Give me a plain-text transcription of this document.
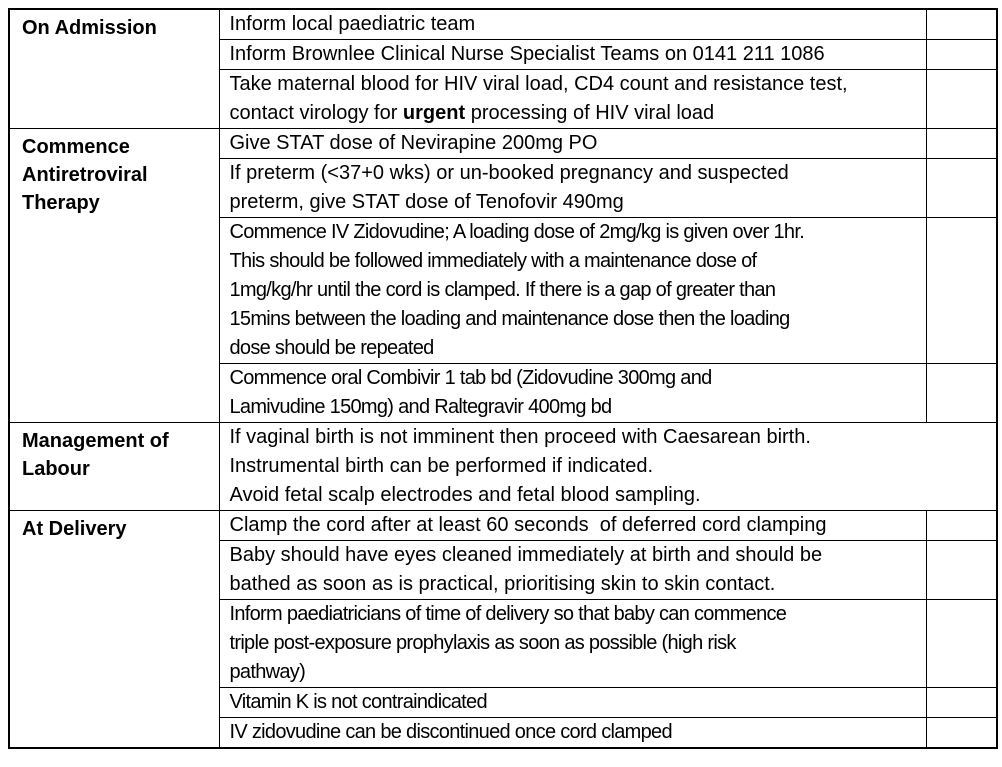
On Admission	Inform local paediatric team	

	Inform Brownlee Clinical Nurse Specialist Teams on 0141 211 1086	

	Take maternal blood for HIV viral load, CD4 count and resistance test,
contact virology for urgent processing of HIV viral load	

Commence Antiretroviral Therapy	Give STAT dose of Nevirapine 200mg PO	

	If preterm (<37+0 wks) or un-booked pregnancy and suspected
preterm, give STAT dose of Tenofovir 490mg	

	Commence IV Zidovudine; A loading dose of 2mg/kg is given over 1hr.
This should be followed immediately with a maintenance dose of
1mg/kg/hr until the cord is clamped. If there is a gap of greater than
15mins between the loading and maintenance dose then the loading
dose should be repeated	

	Commence oral Combivir 1 tab bd (Zidovudine 300mg and
Lamivudine 150mg) and Raltegravir 400mg bd	

Management of Labour	If vaginal birth is not imminent then proceed with Caesarean birth.
Instrumental birth can be performed if indicated.
Avoid fetal scalp electrodes and fetal blood sampling.	

At Delivery	Clamp the cord after at least 60 seconds  of deferred cord clamping	

	Baby should have eyes cleaned immediately at birth and should be
bathed as soon as is practical, prioritising skin to skin contact.	

	Inform paediatricians of time of delivery so that baby can commence
triple post-exposure prophylaxis as soon as possible (high risk
pathway)	

	Vitamin K is not contraindicated	

	IV zidovudine can be discontinued once cord clamped	
